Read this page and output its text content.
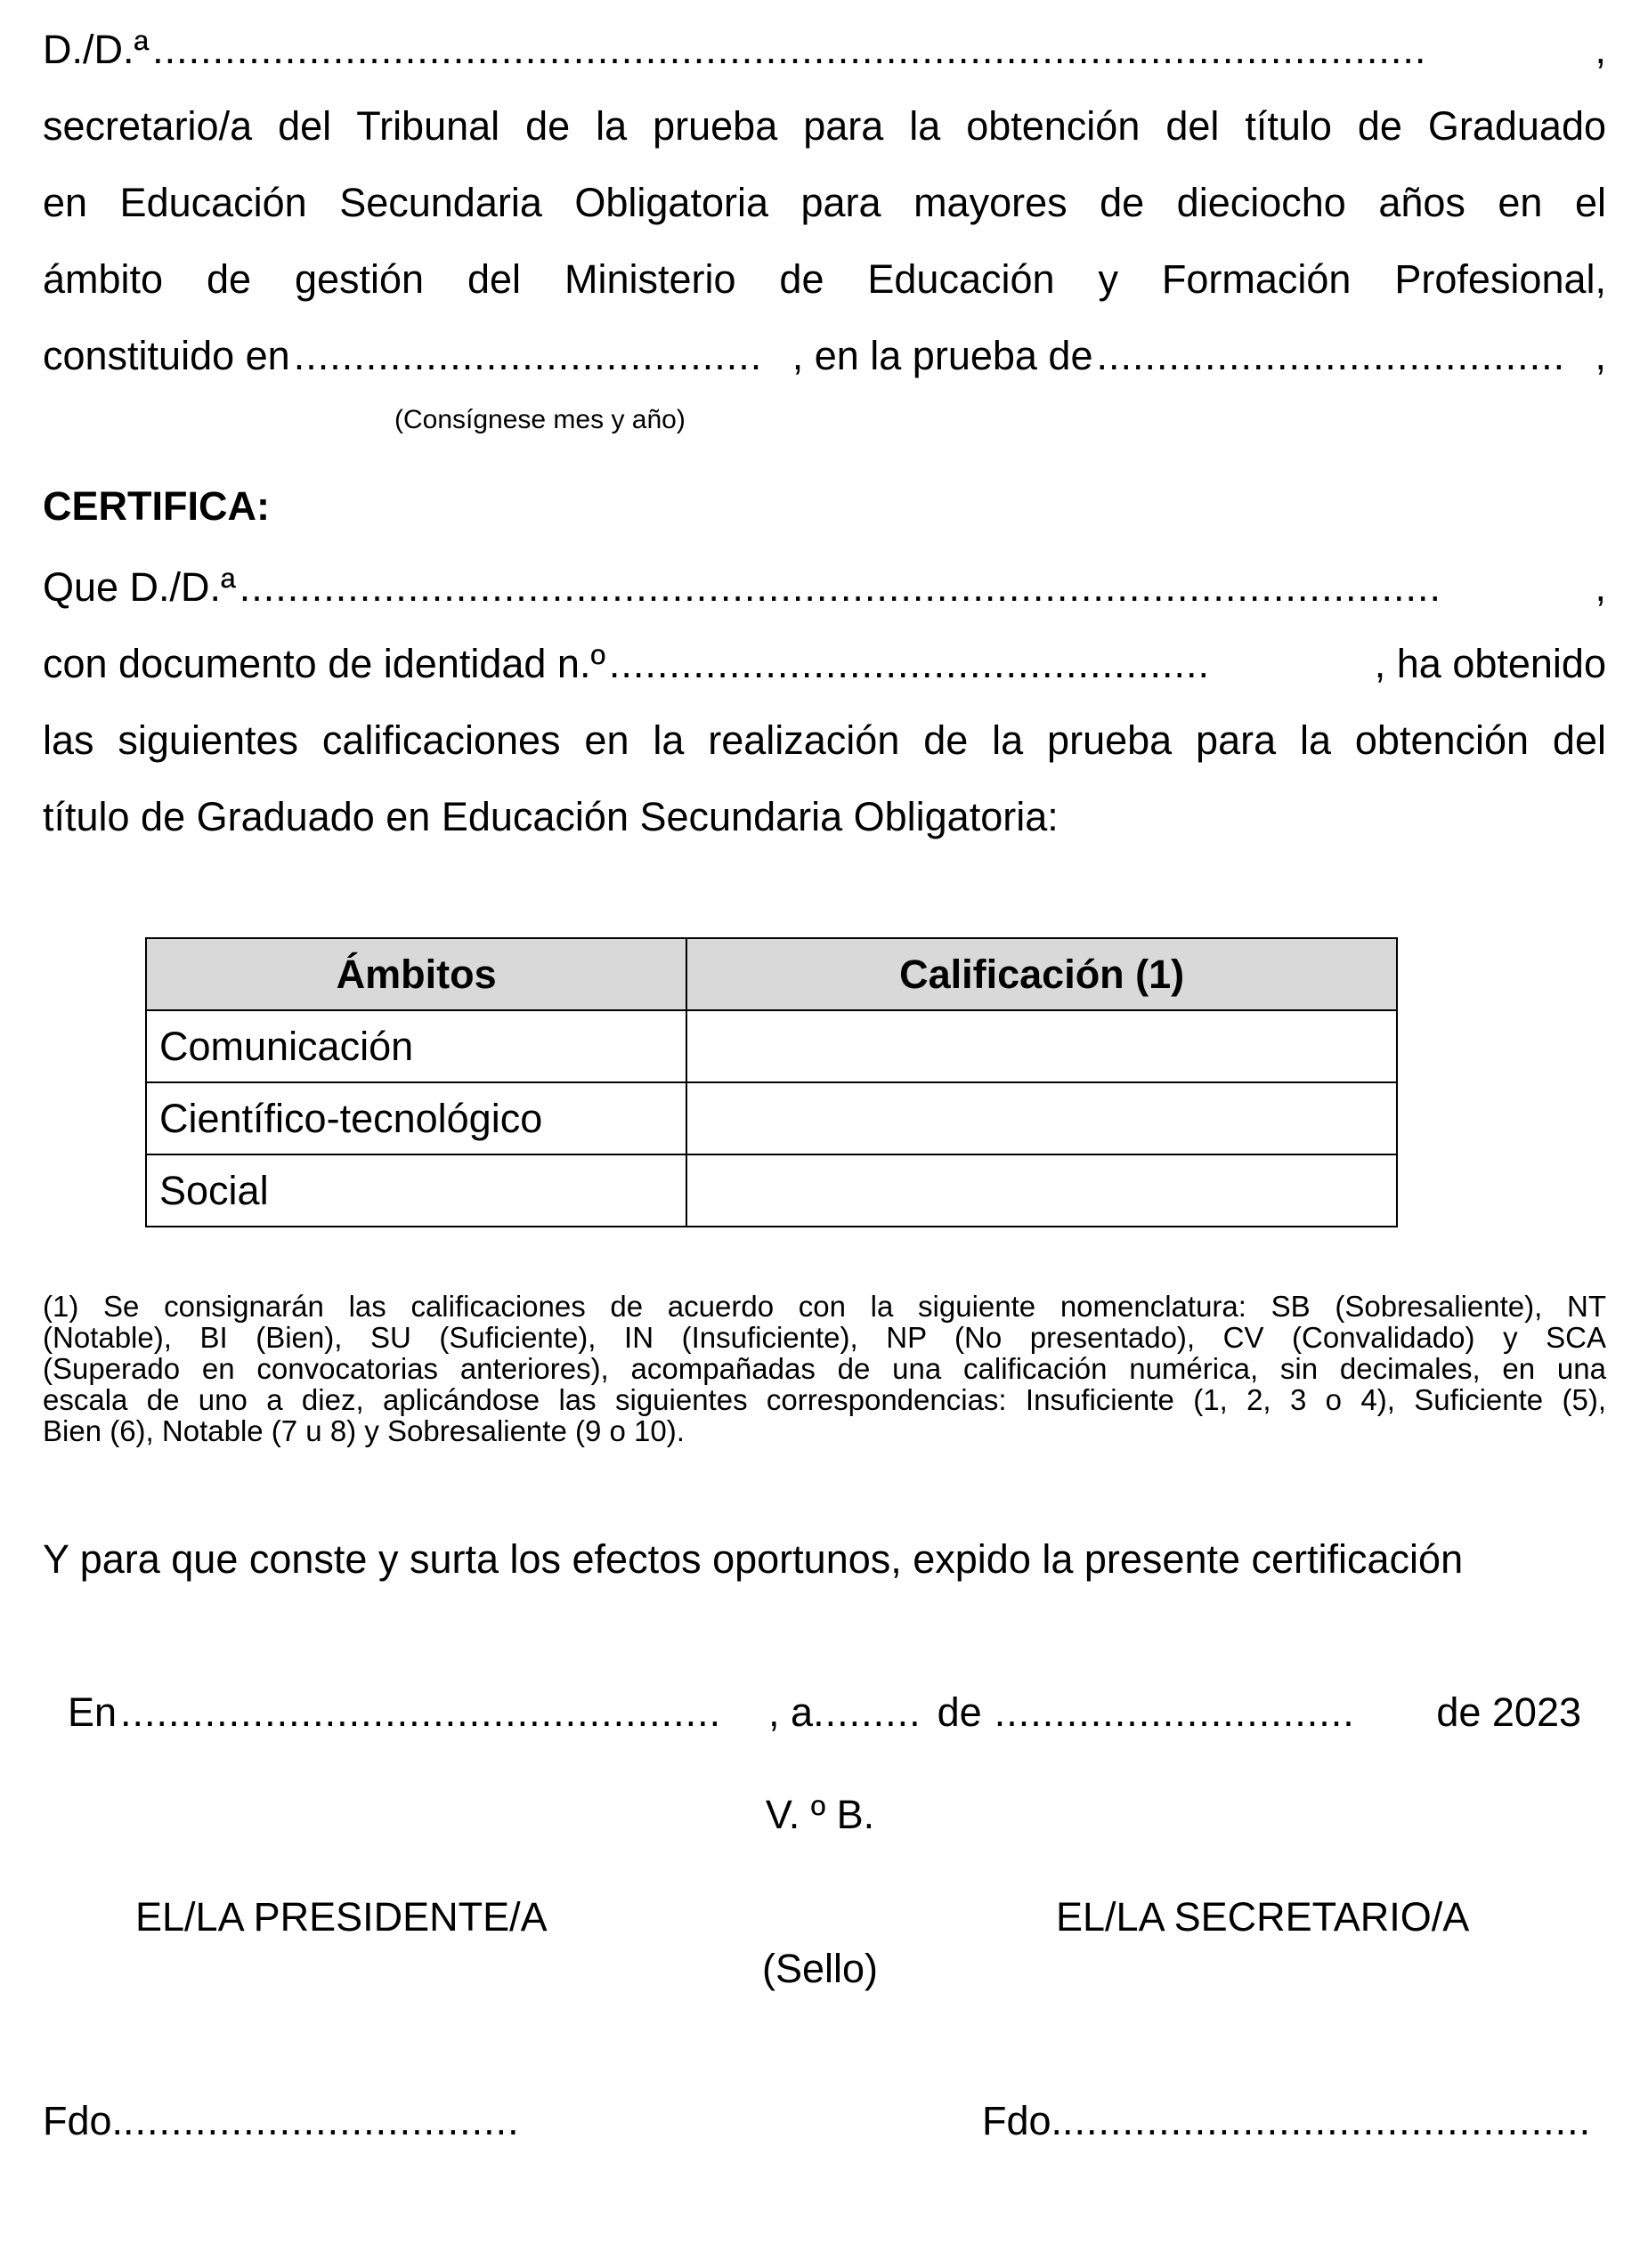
D./D.ª ..........................................................................................................	,
secretario/a del Tribunal de la prueba para la obtención del título de Graduado
en Educación Secundaria Obligatoria para mayores de dieciocho años en el
ámbito de gestión del Ministerio de Educación y Formación Profesional,
constituido en ....................................... , en la prueba de ....................................... ,
(Consígnese mes y año)
CERTIFICA:
Que D./D.ª ....................................................................................................	,
con documento de identidad n.º ..................................................	, ha obtenido
las siguientes calificaciones en la realización de la prueba para la obtención del
título de Graduado en Educación Secundaria Obligatoria:
Ámbitos	Calificación (1)
Comunicación	
Científico-tecnológico	
Social	
(1) Se consignarán las calificaciones de acuerdo con la siguiente nomenclatura: SB (Sobresaliente), NT
(Notable), BI (Bien), SU (Suficiente), IN (Insuficiente), NP (No presentado), CV (Convalidado) y SCA
(Superado en convocatorias anteriores), acompañadas de una calificación numérica, sin decimales, en una
escala de uno a diez, aplicándose las siguientes correspondencias: Insuficiente (1, 2, 3 o 4), Suficiente (5),
Bien (6), Notable (7 u 8) y Sobresaliente (9 o 10).
Y para que conste y surta los efectos oportunos, expido la presente certificación
En ..................................................	, a ......... de ..............................	de 2023
V. º B.
EL/LA PRESIDENTE/A	EL/LA SECRETARIO/A
(Sello)
Fdo. .................................	Fdo. ............................................
